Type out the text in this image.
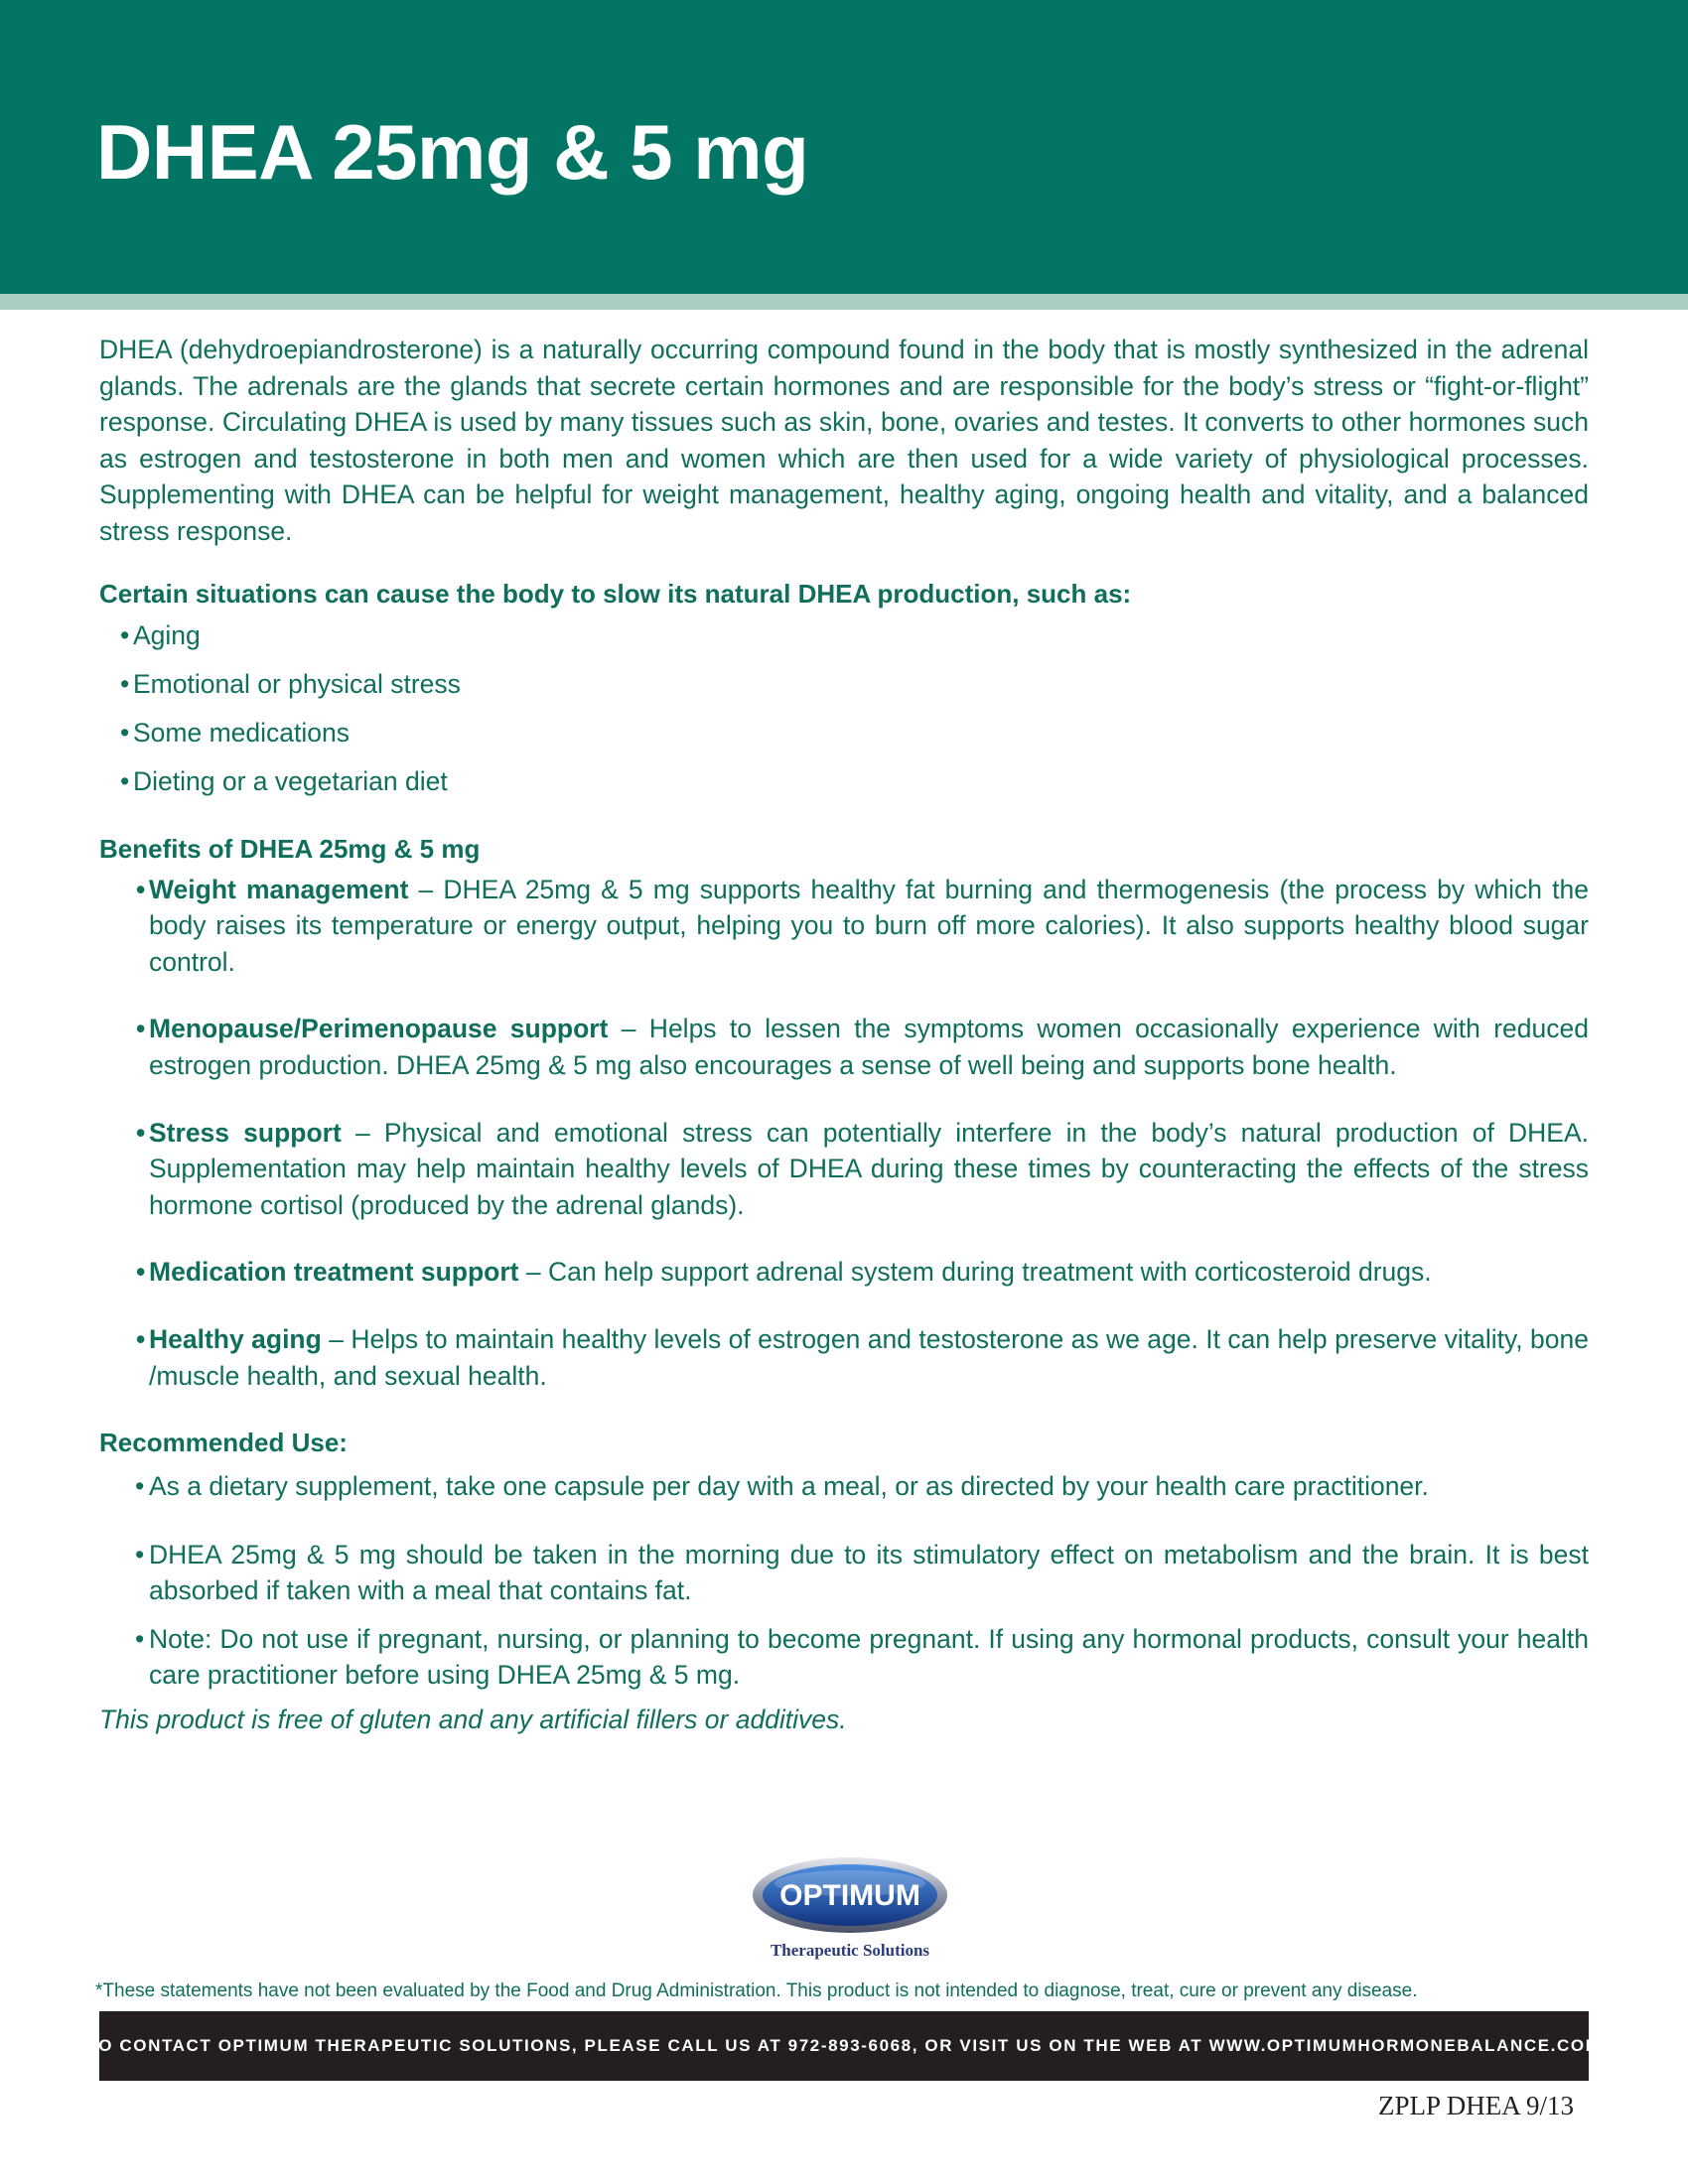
DHEA 25mg & 5 mg

DHEA (dehydroepiandrosterone) is a naturally occurring compound found in the body that is mostly synthesized in the adrenal glands. The adrenals are the glands that secrete certain hormones and are responsible for the body’s stress or “fight-or-flight” response. Circulating DHEA is used by many tissues such as skin, bone, ovaries and testes. It converts to other hormones such as estrogen and testosterone in both men and women which are then used for a wide variety of physiological processes. Supplementing with DHEA can be helpful for weight management, healthy aging, ongoing health and vitality, and a balanced stress response.

Certain situations can cause the body to slow its natural DHEA production, such as:

• Aging
• Emotional or physical stress
• Some medications
• Dieting or a vegetarian diet

Benefits of DHEA 25mg & 5 mg

• Weight management – DHEA 25mg & 5 mg supports healthy fat burning and thermogenesis (the process by which the body raises its temperature or energy output, helping you to burn off more calories). It also supports healthy blood sugar control.
• Menopause/Perimenopause support – Helps to lessen the symptoms women occasionally experience with reduced estrogen production. DHEA 25mg & 5 mg also encourages a sense of well being and supports bone health.
• Stress support – Physical and emotional stress can potentially interfere in the body’s natural production of DHEA. Supplementation may help maintain healthy levels of DHEA during these times by counteracting the effects of the stress hormone cortisol (produced by the adrenal glands).
• Medication treatment support – Can help support adrenal system during treatment with corticosteroid drugs.
• Healthy aging – Helps to maintain healthy levels of estrogen and testosterone as we age. It can help preserve vitality, bone /muscle health, and sexual health.

Recommended Use:

• As a dietary supplement, take one capsule per day with a meal, or as directed by your health care practitioner.
• DHEA 25mg & 5 mg should be taken in the morning due to its stimulatory effect on metabolism and the brain. It is best absorbed if taken with a meal that contains fat.
• Note: Do not use if pregnant, nursing, or planning to become pregnant. If using any hormonal products, consult your health care practitioner before using DHEA 25mg & 5 mg.

This product is free of gluten and any artificial fillers or additives.

OPTIMUM
Therapeutic Solutions
*These statements have not been evaluated by the Food and Drug Administration. This product is not intended to diagnose, treat, cure or prevent any disease.
TO CONTACT OPTIMUM THERAPEUTIC SOLUTIONS, PLEASE CALL US AT 972-893-6068, OR VISIT US ON THE WEB AT WWW.OPTIMUMHORMONEBALANCE.COM
ZPLP DHEA 9/13
